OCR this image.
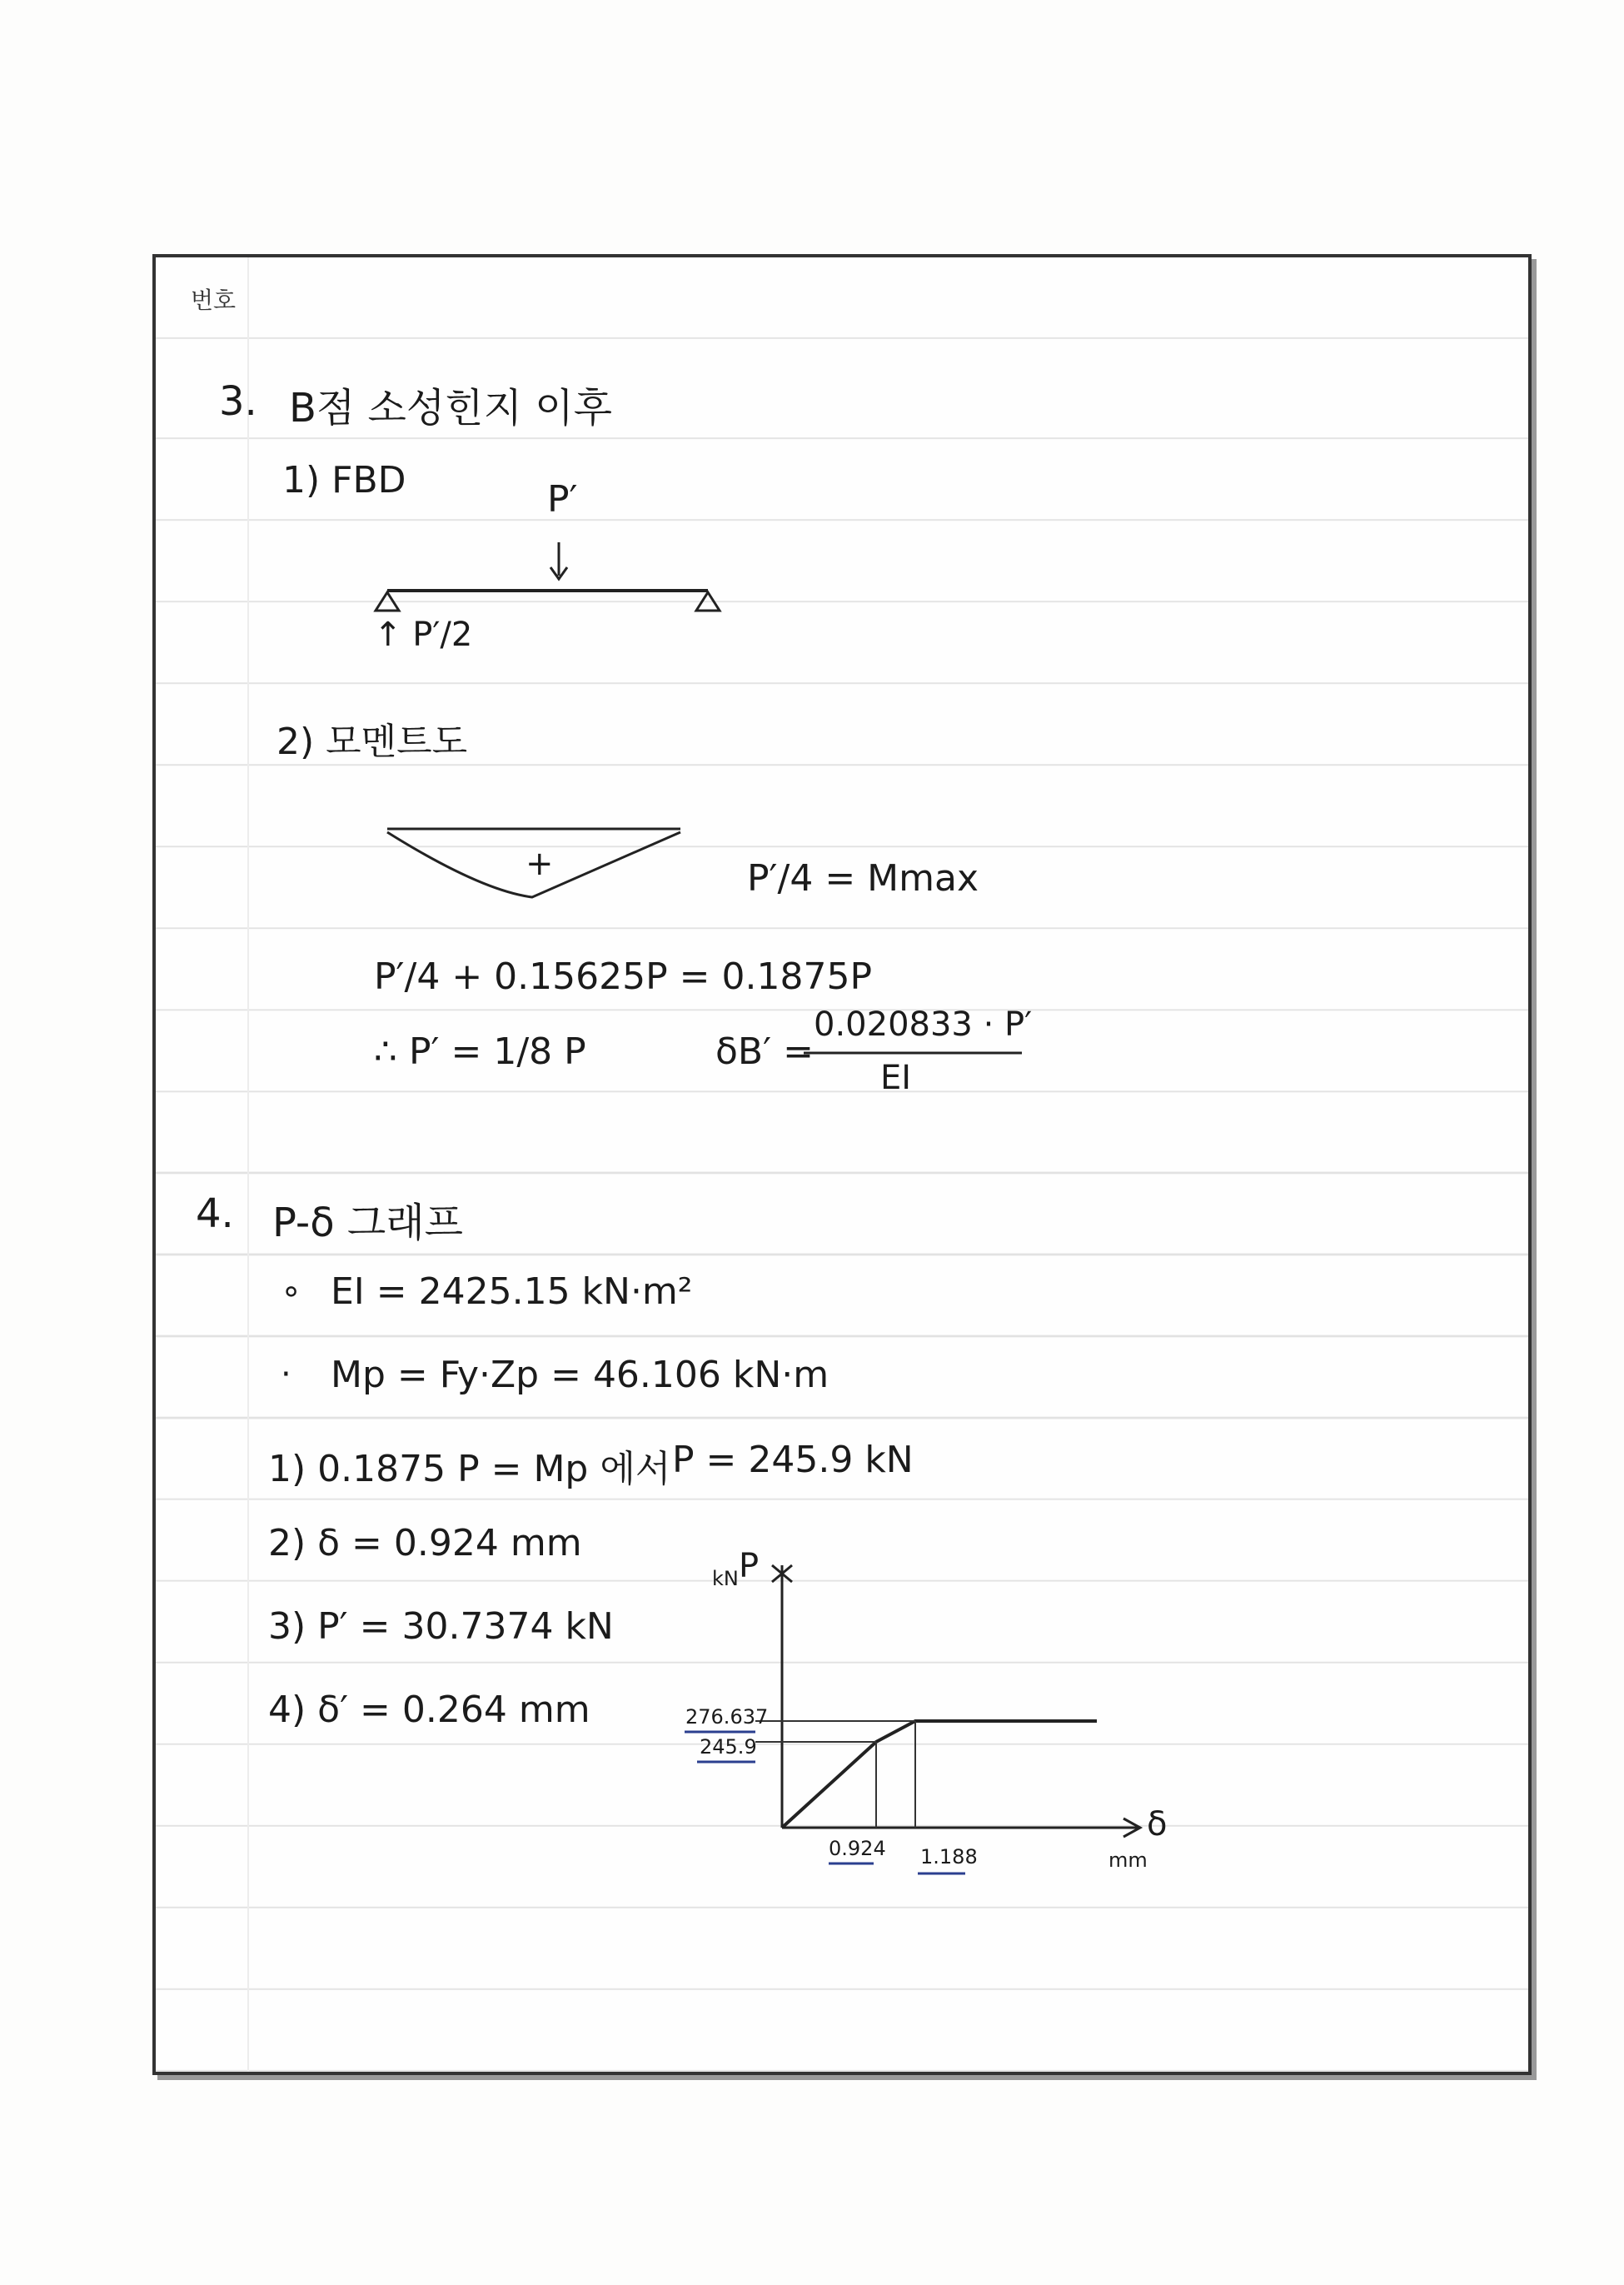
번호
3. B점 소성힌지 이후
1) FBD	P′
↑ P′/2
2) 모멘트도
+	P′/4 = Mmax
P′/4 + 0.15625P = 0.1875P
∴ P′ = 1/8 P	δB′ =
0.020833 · P′
EI
4. P-δ 그래프
∘ EI = 2425.15 kN·m²
· Mp = Fy·Zp = 46.106 kN·m
1) 0.1875 P = Mp 에서 P = 245.9 kN
2) δ = 0.924 mm
3) P′ = 30.7374 kN
4) δ′ = 0.264 mm
P
kN
276.637
245.9
0.924 1.188	mm
δ
